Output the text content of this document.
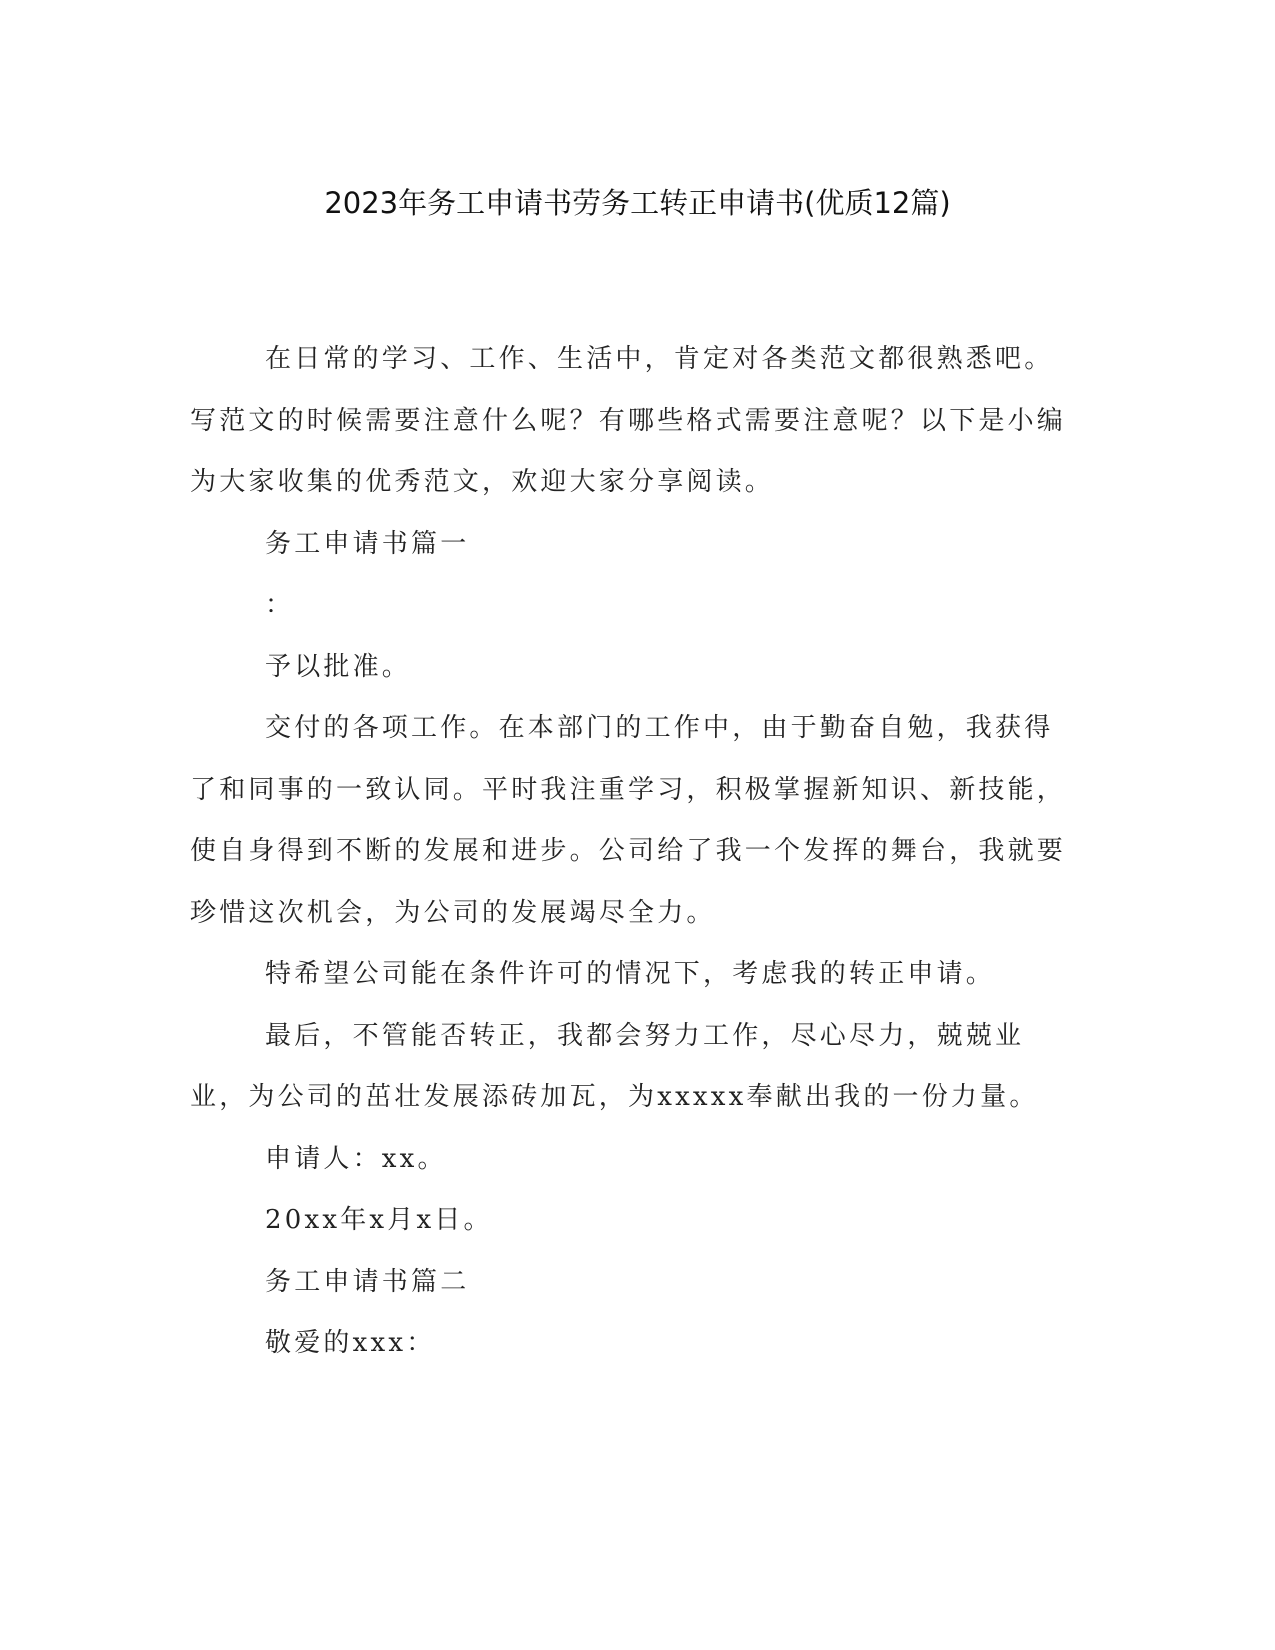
2023年务工申请书劳务工转正申请书(优质12篇)

在日常的学习、工作、生活中，肯定对各类范文都很熟悉吧。写范文的时候需要注意什么呢？有哪些格式需要注意呢？以下是小编为大家收集的优秀范文，欢迎大家分享阅读。

务工申请书篇一

：

予以批准。

交付的各项工作。在本部门的工作中，由于勤奋自勉，我获得了和同事的一致认同。平时我注重学习，积极掌握新知识、新技能，使自身得到不断的发展和进步。公司给了我一个发挥的舞台，我就要珍惜这次机会，为公司的发展竭尽全力。

特希望公司能在条件许可的情况下，考虑我的转正申请。

最后，不管能否转正，我都会努力工作，尽心尽力，兢兢业业，为公司的茁壮发展添砖加瓦，为xxxxx奉献出我的一份力量。

申请人：xx。

20xx年x月x日。

务工申请书篇二

敬爱的xxx：
